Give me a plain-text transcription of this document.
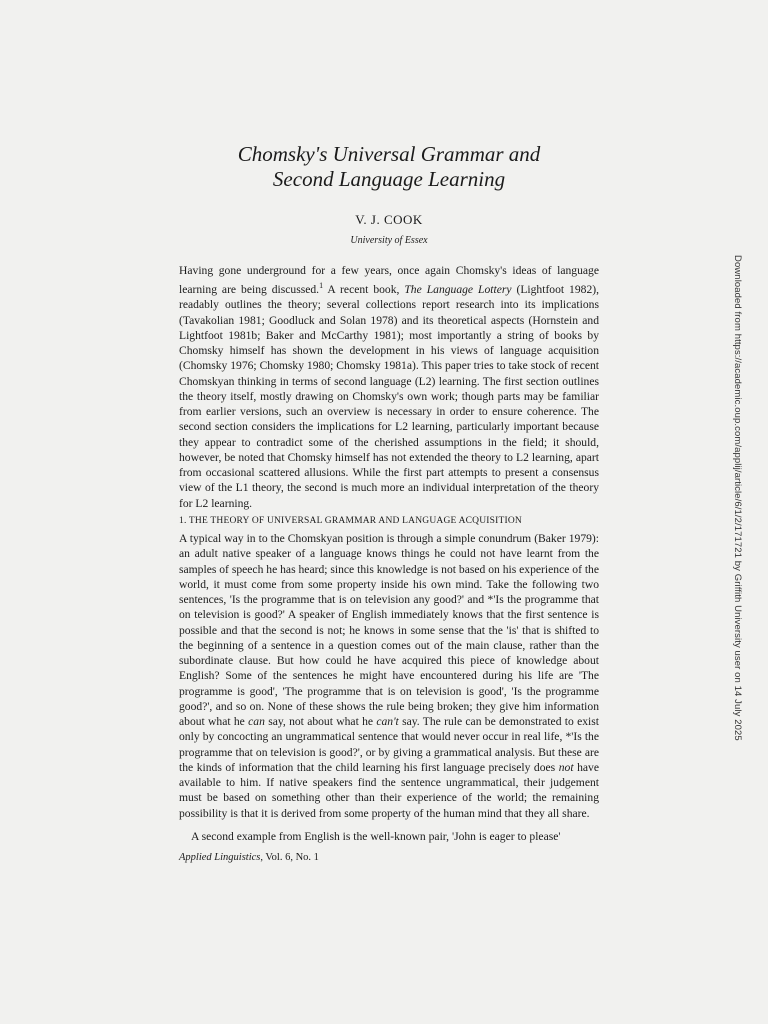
Chomsky's Universal Grammar and
Second Language Learning
V. J. COOK
University of Essex
Having gone underground for a few years, once again Chomsky's ideas of language learning are being discussed.$^1$ A recent book, The Language Lottery (Lightfoot 1982), readably outlines the theory; several collections report research into its implications (Tavakolian 1981; Goodluck and Solan 1978) and its theoretical aspects (Hornstein and Lightfoot 1981b; Baker and McCarthy 1981); most importantly a string of books by Chomsky himself has shown the development in his views of language acquisition (Chomsky 1976; Chomsky 1980; Chomsky 1981a). This paper tries to take stock of recent Chomskyan thinking in terms of second language (L2) learning. The first section outlines the theory itself, mostly drawing on Chomsky's own work; though parts may be familiar from earlier versions, such an overview is necessary in order to ensure coherence. The second section considers the implications for L2 learning, particularly important because they appear to contradict some of the cherished assumptions in the field; it should, however, be noted that Chomsky himself has not extended the theory to L2 learning, apart from occasional scattered allusions. While the first part attempts to present a consensus view of the L1 theory, the second is much more an individual interpretation of the theory for L2 learning.
1. THE THEORY OF UNIVERSAL GRAMMAR AND LANGUAGE ACQUISITION
A typical way in to the Chomskyan position is through a simple conundrum (Baker 1979): an adult native speaker of a language knows things he could not have learnt from the samples of speech he has heard; since this knowledge is not based on his experience of the world, it must come from some property inside his own mind. Take the following two sentences, 'Is the programme that is on television any good?' and *'Is the programme that on television is good?' A speaker of English immediately knows that the first sentence is possible and that the second is not; he knows in some sense that the 'is' that is shifted to the beginning of a sentence in a question comes out of the main clause, rather than the subordinate clause. But how could he have acquired this piece of knowledge about English? Some of the sentences he might have encountered during his life are 'The programme is good', 'The programme that is on television is good', 'Is the programme good?', and so on. None of these shows the rule being broken; they give him information about what he can say, not about what he can't say. The rule can be demonstrated to exist only by concocting an ungrammatical sentence that would never occur in real life, *'Is the programme that on television is good?', or by giving a grammatical analysis. But these are the kinds of information that the child learning his first language precisely does not have available to him. If native speakers find the sentence ungrammatical, their judgement must be based on something other than their experience of the world; the remaining possibility is that it is derived from some property of the human mind that they all share.
A second example from English is the well-known pair, 'John is eager to please'
Applied Linguistics, Vol. 6, No. 1
Downloaded from https://academic.oup.com/applij/article/6/1/2/171721 by Griffith University user on 14 July 2025
